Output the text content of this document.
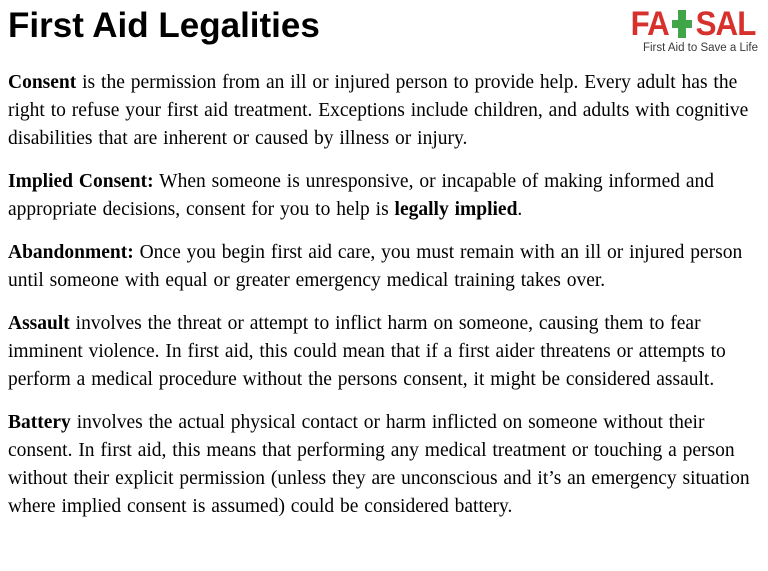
First Aid Legalities	FA SAL
First Aid to Save a Life

Consent is the permission from an ill or injured person to provide help. Every adult has the right to refuse your first aid treatment. Exceptions include children, and adults with cognitive disabilities that are inherent or caused by illness or injury.

Implied Consent: When someone is unresponsive, or incapable of making informed and appropriate decisions, consent for you to help is legally implied.

Abandonment: Once you begin first aid care, you must remain with an ill or injured person until someone with equal or greater emergency medical training takes over.

Assault involves the threat or attempt to inflict harm on someone, causing them to fear imminent violence. In first aid, this could mean that if a first aider threatens or attempts to perform a medical procedure without the persons consent, it might be considered assault.

Battery involves the actual physical contact or harm inflicted on someone without their consent. In first aid, this means that performing any medical treatment or touching a person without their explicit permission (unless they are unconscious and it’s an emergency situation where implied consent is assumed) could be considered battery.
